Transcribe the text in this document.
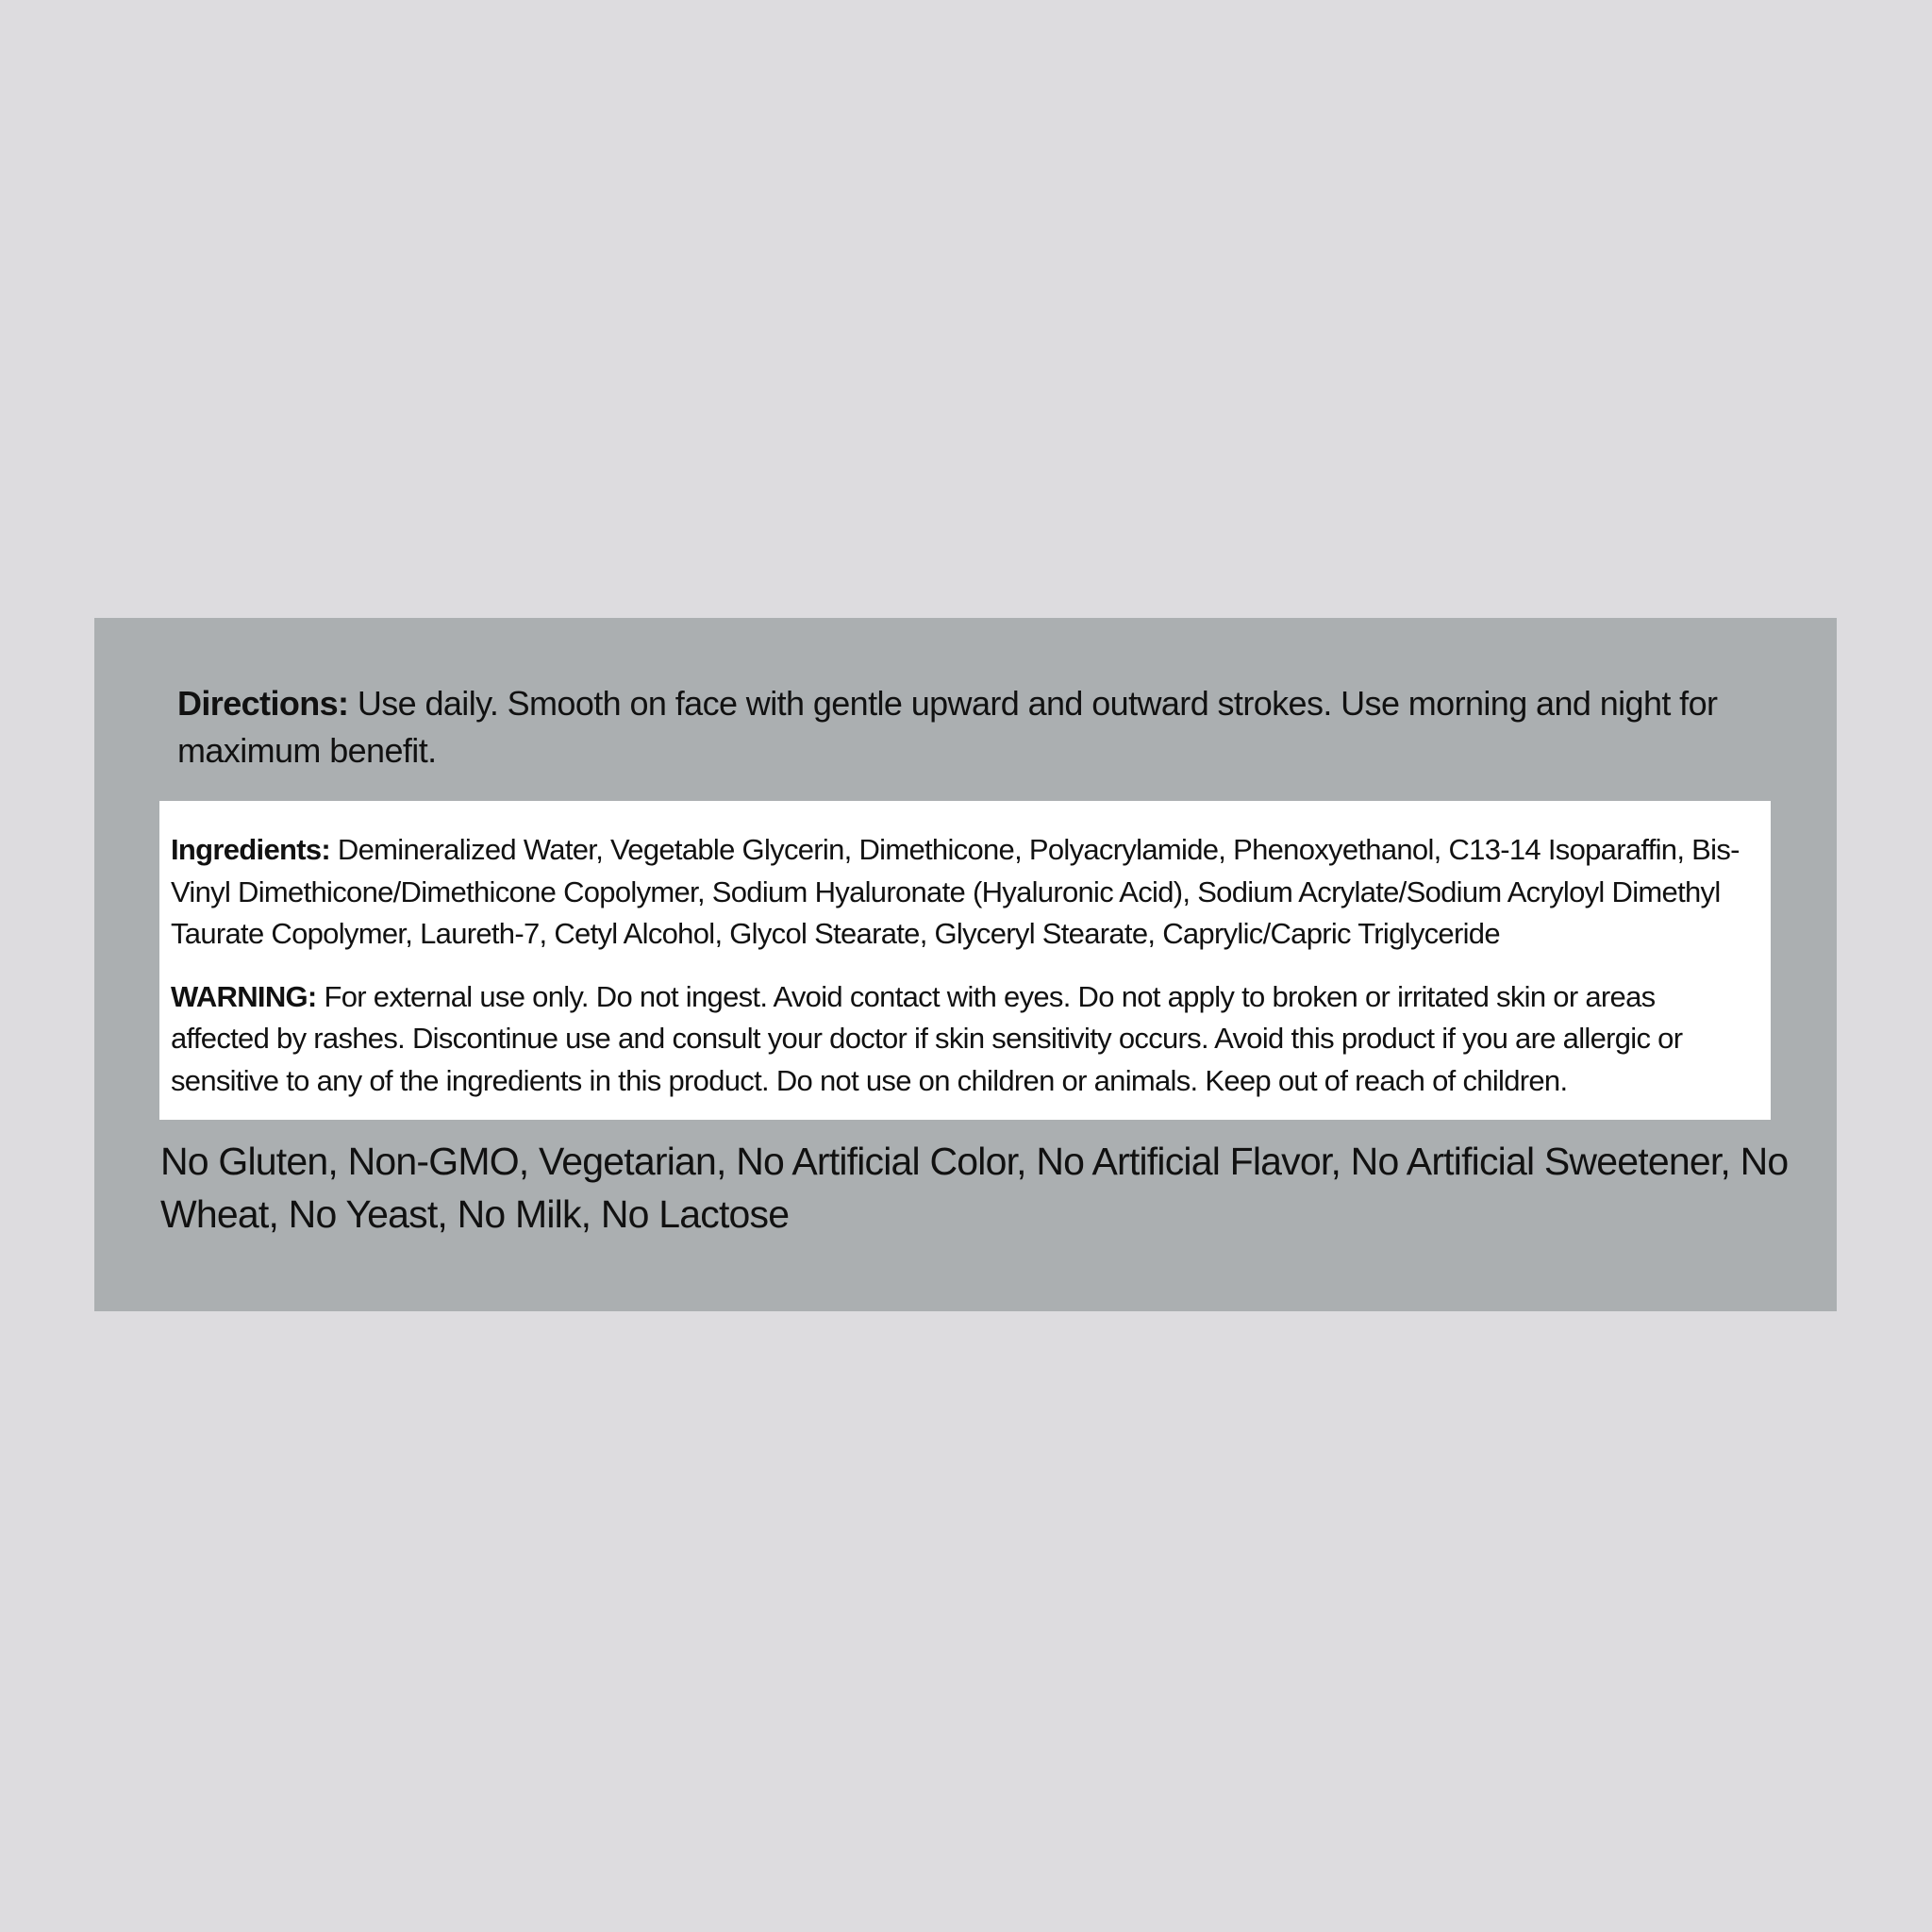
Directions: Use daily. Smooth on face with gentle upward and outward strokes. Use morning and night for maximum benefit.

Ingredients: Demineralized Water, Vegetable Glycerin, Dimethicone, Polyacrylamide, Phenoxyethanol, C13-14 Isoparaffin, Bis-Vinyl Dimethicone/Dimethicone Copolymer, Sodium Hyaluronate (Hyaluronic Acid), Sodium Acrylate/Sodium Acryloyl Dimethyl Taurate Copolymer, Laureth-7, Cetyl Alcohol, Glycol Stearate, Glyceryl Stearate, Caprylic/Capric Triglyceride

WARNING: For external use only. Do not ingest. Avoid contact with eyes. Do not apply to broken or irritated skin or areas affected by rashes. Discontinue use and consult your doctor if skin sensitivity occurs. Avoid this product if you are allergic or sensitive to any of the ingredients in this product. Do not use on children or animals. Keep out of reach of children.

No Gluten, Non-GMO, Vegetarian, No Artificial Color, No Artificial Flavor, No Artificial Sweetener, No Wheat, No Yeast, No Milk, No Lactose
